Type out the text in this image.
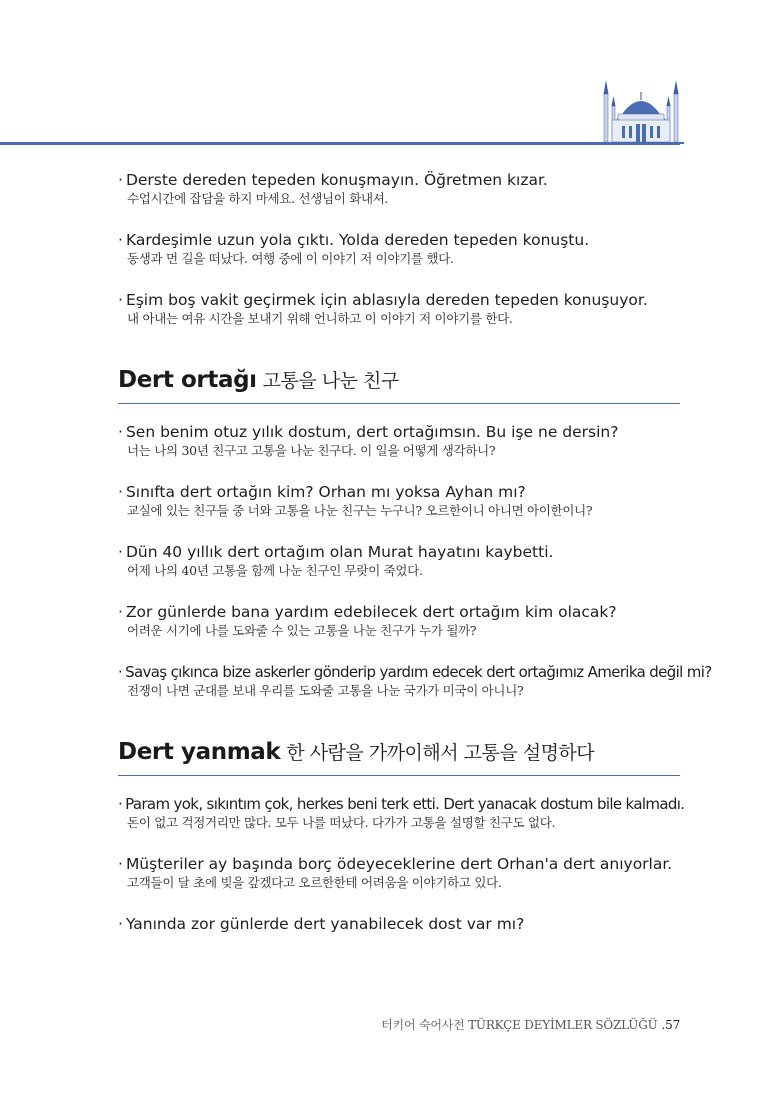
· Derste dereden tepeden konuşmayın. Öğretmen kızar.
수업시간에 잡담을 하지 마세요. 선생님이 화내셔.
· Kardeşimle uzun yola çıktı. Yolda dereden tepeden konuştu.
동생과 먼 길을 떠났다. 여행 중에 이 이야기 저 이야기를 했다.
· Eşim boş vakit geçirmek için ablasıyla dereden tepeden konuşuyor.
내 아내는 여유 시간을 보내기 위해 언니하고 이 이야기 저 이야기를 한다.
Dert ortağı 고통을 나눈 친구
· Sen benim otuz yılık dostum, dert ortağımsın. Bu işe ne dersin?
너는 나의 30년 친구고 고통을 나눈 친구다. 이 일을 어떻게 생각하니?
· Sınıfta dert ortağın kim? Orhan mı yoksa Ayhan mı?
교실에 있는 친구들 중 너와 고통을 나눈 친구는 누구니? 오르한이니 아니면 아이한이니?
· Dün 40 yıllık dert ortağım olan Murat hayatını kaybetti.
어제 나의 40년 고통을 함께 나눈 친구인 무랏이 죽었다.
· Zor günlerde bana yardım edebilecek dert ortağım kim olacak?
어려운 시기에 나를 도와줄 수 있는 고통을 나눈 친구가 누가 될까?
· Savaş çıkınca bize askerler gönderip yardım edecek dert ortağımız Amerika değil mi?
전쟁이 나면 군대를 보내 우리를 도와줄 고통을 나눈 국가가 미국이 아니니?
Dert yanmak 한 사람을 가까이해서 고통을 설명하다
· Param yok, sıkıntım çok, herkes beni terk etti. Dert yanacak dostum bile kalmadı.
돈이 없고 걱정거리만 많다. 모두 나를 떠났다. 다가가 고통을 설명할 친구도 없다.
· Müşteriler ay başında borç ödeyeceklerine dert Orhan'a dert anıyorlar.
고객들이 달 초에 빚을 갚겠다고 오르한한테 어려움을 이야기하고 있다.
· Yanında zor günlerde dert yanabilecek dost var mı?
터키어 숙어사전 TÜRKÇE DEYİMLER SÖZLÜĞÜ .57
